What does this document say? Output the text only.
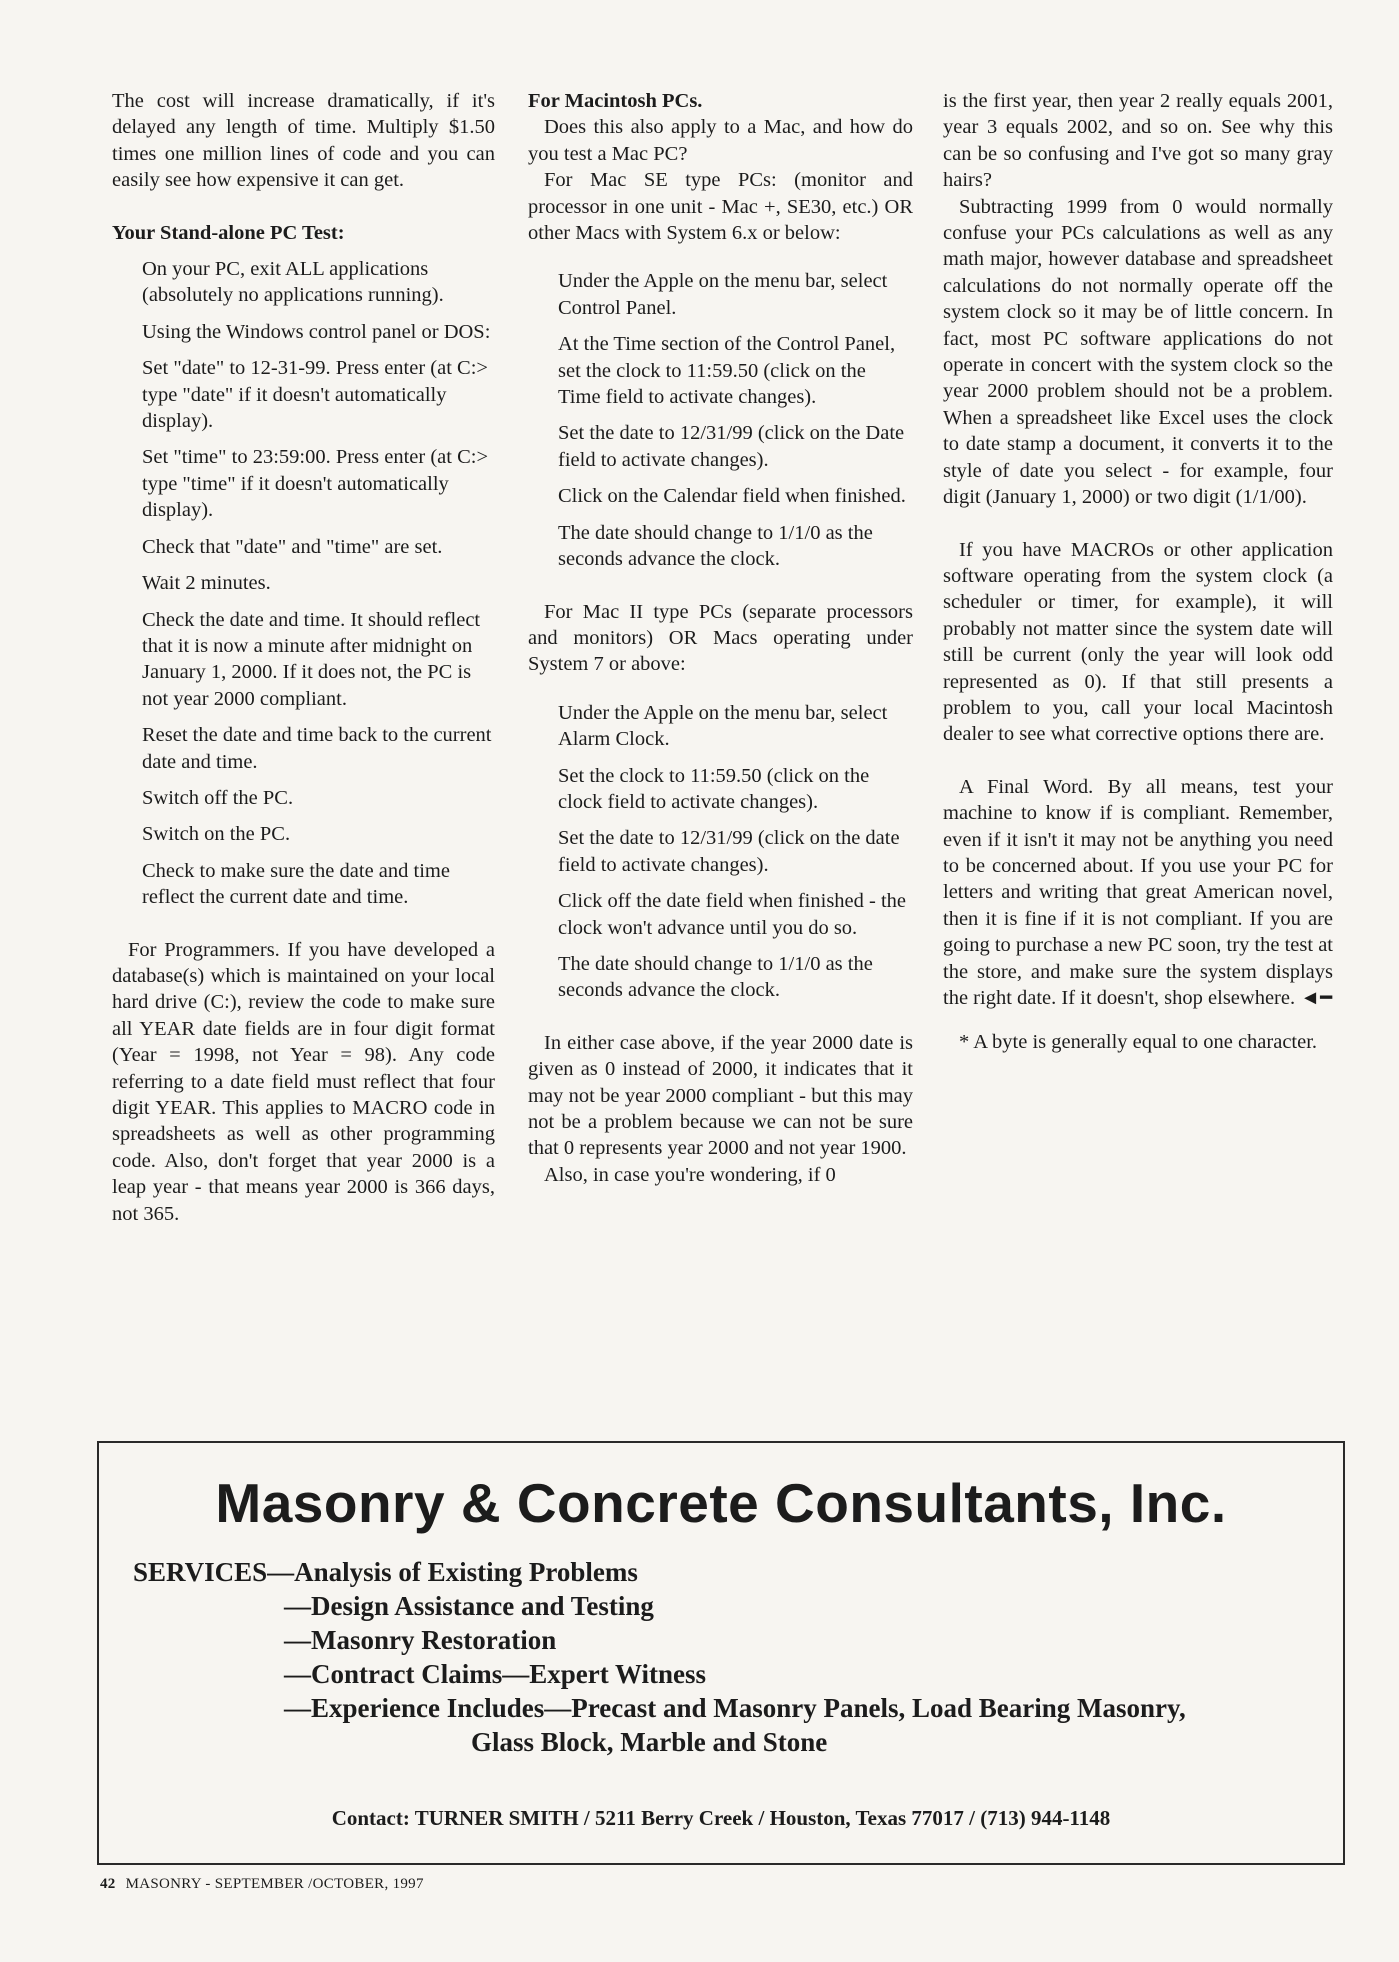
The cost will increase dramatically, if it's delayed any length of time. Multiply $1.50 times one million lines of code and you can easily see how expensive it can get.

Your Stand-alone PC Test:

On your PC, exit ALL applications (absolutely no applications running).

Using the Windows control panel or DOS:

Set "date" to 12-31-99. Press enter (at C:> type "date" if it doesn't automatically display).

Set "time" to 23:59:00. Press enter (at C:> type "time" if it doesn't automatically display).

Check that "date" and "time" are set.

Wait 2 minutes.

Check the date and time. It should reflect that it is now a minute after midnight on January 1, 2000. If it does not, the PC is not year 2000 compliant.

Reset the date and time back to the current date and time.

Switch off the PC.

Switch on the PC.

Check to make sure the date and time reflect the current date and time.

For Programmers. If you have developed a database(s) which is maintained on your local hard drive (C:), review the code to make sure all YEAR date fields are in four digit format (Year = 1998, not Year = 98). Any code referring to a date field must reflect that four digit YEAR. This applies to MACRO code in spreadsheets as well as other programming code. Also, don't forget that year 2000 is a leap year - that means year 2000 is 366 days, not 365.

For Macintosh PCs.

Does this also apply to a Mac, and how do you test a Mac PC?

For Mac SE type PCs: (monitor and processor in one unit - Mac +, SE30, etc.) OR other Macs with System 6.x or below:

Under the Apple on the menu bar, select Control Panel.

At the Time section of the Control Panel, set the clock to 11:59.50 (click on the Time field to activate changes).

Set the date to 12/31/99 (click on the Date field to activate changes).

Click on the Calendar field when finished.

The date should change to 1/1/0 as the seconds advance the clock.

For Mac II type PCs (separate processors and monitors) OR Macs operating under System 7 or above:

Under the Apple on the menu bar, select Alarm Clock.

Set the clock to 11:59.50 (click on the clock field to activate changes).

Set the date to 12/31/99 (click on the date field to activate changes).

Click off the date field when finished - the clock won't advance until you do so.

The date should change to 1/1/0 as the seconds advance the clock.

In either case above, if the year 2000 date is given as 0 instead of 2000, it indicates that it may not be year 2000 compliant - but this may not be a problem because we can not be sure that 0 represents year 2000 and not year 1900.

Also, in case you're wondering, if 0

is the first year, then year 2 really equals 2001, year 3 equals 2002, and so on. See why this can be so confusing and I've got so many gray hairs?

Subtracting 1999 from 0 would normally confuse your PCs calculations as well as any math major, however database and spreadsheet calculations do not normally operate off the system clock so it may be of little concern. In fact, most PC software applications do not operate in concert with the system clock so the year 2000 problem should not be a problem. When a spreadsheet like Excel uses the clock to date stamp a document, it converts it to the style of date you select - for example, four digit (January 1, 2000) or two digit (1/1/00).

If you have MACROs or other application software operating from the system clock (a scheduler or timer, for example), it will probably not matter since the system date will still be current (only the year will look odd represented as 0). If that still presents a problem to you, call your local Macintosh dealer to see what corrective options there are.

A Final Word. By all means, test your machine to know if is compliant. Remember, even if it isn't it may not be anything you need to be concerned about. If you use your PC for letters and writing that great American novel, then it is fine if it is not compliant. If you are going to purchase a new PC soon, try the test at the store, and make sure the system displays the right date. If it doesn't, shop elsewhere. ◄━

* A byte is generally equal to one character.

Masonry & Concrete Consultants, Inc.
SERVICES—Analysis of Existing Problems
—Design Assistance and Testing
—Masonry Restoration
—Contract Claims—Expert Witness
—Experience Includes—Precast and Masonry Panels, Load Bearing Masonry,
Glass Block, Marble and Stone
Contact: TURNER SMITH / 5211 Berry Creek / Houston, Texas 77017 / (713) 944-1148
42 MASONRY - SEPTEMBER /OCTOBER, 1997
